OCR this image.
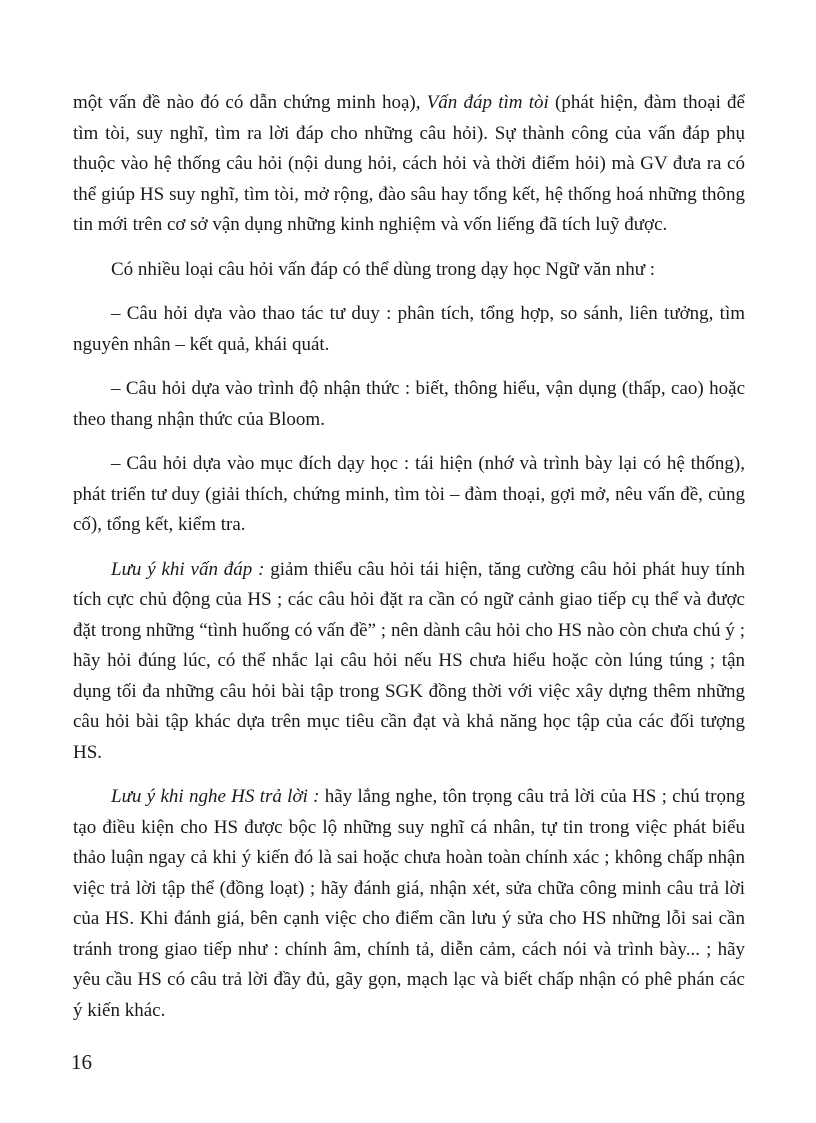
một vấn đề nào đó có dẫn chứng minh hoạ), Vấn đáp tìm tòi (phát hiện, đàm thoại để tìm tòi, suy nghĩ, tìm ra lời đáp cho những câu hỏi). Sự thành công của vấn đáp phụ thuộc vào hệ thống câu hỏi (nội dung hỏi, cách hỏi và thời điểm hỏi) mà GV đưa ra có thể giúp HS suy nghĩ, tìm tòi, mở rộng, đào sâu hay tổng kết, hệ thống hoá những thông tin mới trên cơ sở vận dụng những kinh nghiệm và vốn liếng đã tích luỹ được.

Có nhiều loại câu hỏi vấn đáp có thể dùng trong dạy học Ngữ văn như :

– Câu hỏi dựa vào thao tác tư duy : phân tích, tổng hợp, so sánh, liên tưởng, tìm nguyên nhân – kết quả, khái quát.

– Câu hỏi dựa vào trình độ nhận thức : biết, thông hiểu, vận dụng (thấp, cao) hoặc theo thang nhận thức của Bloom.

– Câu hỏi dựa vào mục đích dạy học : tái hiện (nhớ và trình bày lại có hệ thống), phát triển tư duy (giải thích, chứng minh, tìm tòi – đàm thoại, gợi mở, nêu vấn đề, củng cố), tổng kết, kiểm tra.

Lưu ý khi vấn đáp : giảm thiểu câu hỏi tái hiện, tăng cường câu hỏi phát huy tính tích cực chủ động của HS ; các câu hỏi đặt ra cần có ngữ cảnh giao tiếp cụ thể và được đặt trong những “tình huống có vấn đề” ; nên dành câu hỏi cho HS nào còn chưa chú ý ; hãy hỏi đúng lúc, có thể nhắc lại câu hỏi nếu HS chưa hiểu hoặc còn lúng túng ; tận dụng tối đa những câu hỏi bài tập trong SGK đồng thời với việc xây dựng thêm những câu hỏi bài tập khác dựa trên mục tiêu cần đạt và khả năng học tập của các đối tượng HS.

Lưu ý khi nghe HS trả lời : hãy lắng nghe, tôn trọng câu trả lời của HS ; chú trọng tạo điều kiện cho HS được bộc lộ những suy nghĩ cá nhân, tự tin trong việc phát biểu thảo luận ngay cả khi ý kiến đó là sai hoặc chưa hoàn toàn chính xác ; không chấp nhận việc trả lời tập thể (đồng loạt) ; hãy đánh giá, nhận xét, sửa chữa công minh câu trả lời của HS. Khi đánh giá, bên cạnh việc cho điểm cần lưu ý sửa cho HS những lỗi sai cần tránh trong giao tiếp như : chính âm, chính tả, diễn cảm, cách nói và trình bày... ; hãy yêu cầu HS có câu trả lời đầy đủ, gãy gọn, mạch lạc và biết chấp nhận có phê phán các ý kiến khác.

16
